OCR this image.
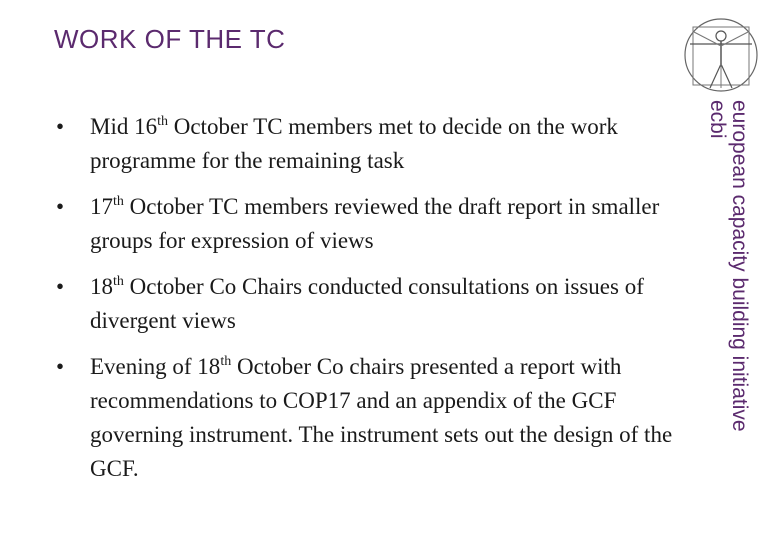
WORK OF THE TC
european capacity building initiative
ecbi
• Mid 16th October TC members met to decide on the work programme for the remaining task
• 17th October TC members reviewed the draft report in smaller groups for expression of views
• 18th October Co Chairs conducted consultations on issues of divergent views
• Evening of 18th October Co chairs presented a report with recommendations to COP17 and an appendix of the GCF governing instrument. The instrument sets out the design of the GCF.
